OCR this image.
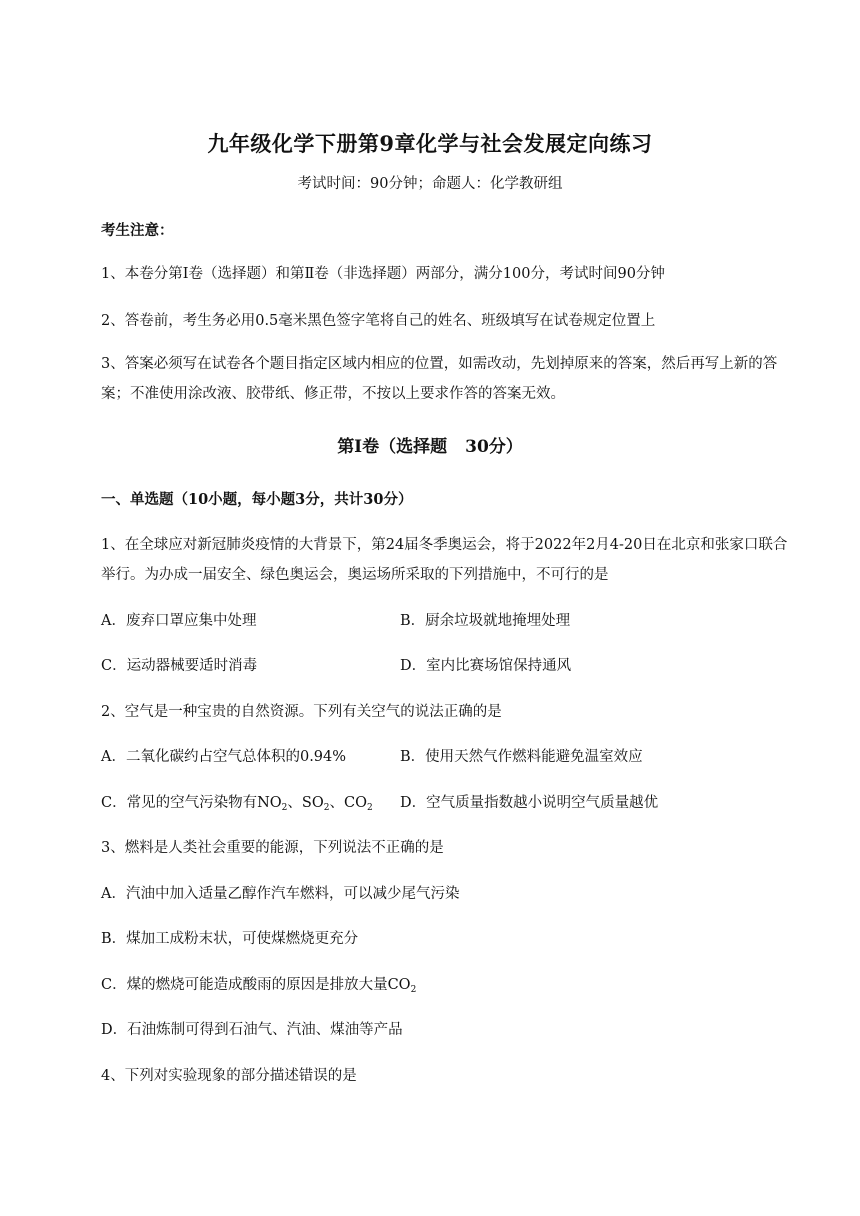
九年级化学下册第9章化学与社会发展定向练习
考试时间：90分钟；命题人：化学教研组
考生注意：
1、本卷分第Ⅰ卷（选择题）和第Ⅱ卷（非选择题）两部分，满分100分，考试时间90分钟
2、答卷前，考生务必用0.5毫米黑色签字笔将自己的姓名、班级填写在试卷规定位置上
3、答案必须写在试卷各个题目指定区域内相应的位置，如需改动，先划掉原来的答案，然后再写上新的答案；不准使用涂改液、胶带纸、修正带，不按以上要求作答的答案无效。
第Ⅰ卷（选择题 30分）
一、单选题（10小题，每小题3分，共计30分）
1、在全球应对新冠肺炎疫情的大背景下，第24届冬季奥运会，将于2022年2月4-20日在北京和张家口联合举行。为办成一届安全、绿色奥运会，奥运场所采取的下列措施中，不可行的是
A．废弃口罩应集中处理	B．厨余垃圾就地掩埋处理
C．运动器械要适时消毒	D．室内比赛场馆保持通风
2、空气是一种宝贵的自然资源。下列有关空气的说法正确的是
A．二氧化碳约占空气总体积的0.94%	B．使用天然气作燃料能避免温室效应
C．常见的空气污染物有$NO_2$、$SO_2$、$CO_2$ D．空气质量指数越小说明空气质量越优
3、燃料是人类社会重要的能源，下列说法不正确的是
A．汽油中加入适量乙醇作汽车燃料，可以减少尾气污染
B．煤加工成粉末状，可使煤燃烧更充分
C．煤的燃烧可能造成酸雨的原因是排放大量$CO_2$
D．石油炼制可得到石油气、汽油、煤油等产品
4、下列对实验现象的部分描述错误的是
